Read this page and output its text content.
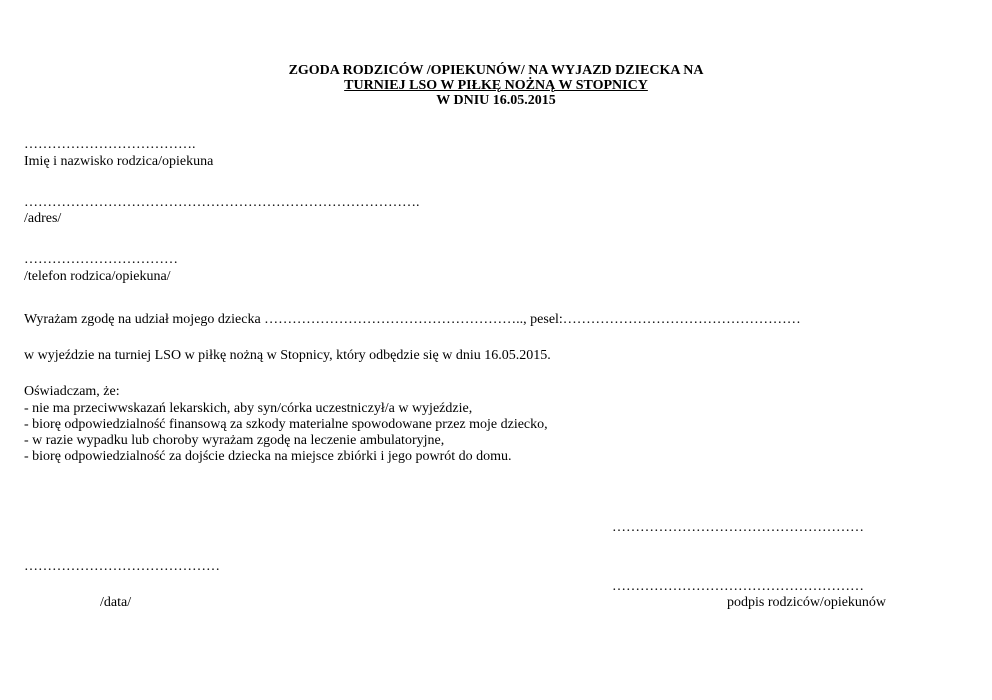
ZGODA RODZICÓW /OPIEKUNÓW/ NA WYJAZD DZIECKA NA
TURNIEJ LSO W PIŁKĘ NOŻNĄ W STOPNICY
W DNIU 16.05.2015
……………………………….
Imię i nazwisko rodzica/opiekuna
………………………………………………………………………….
/adres/
……………………………
/telefon rodzica/opiekuna/
Wyrażam zgodę na udział mojego dziecka ……………………………………………….., pesel:……………………………………………
w wyjeździe na turniej LSO w piłkę nożną w Stopnicy, który odbędzie się w dniu 16.05.2015.
Oświadczam, że:
- nie ma przeciwwskazań lekarskich, aby syn/córka uczestniczył/a w wyjeździe,
- biorę odpowiedzialność finansową za szkody materialne spowodowane przez moje dziecko,
- w razie wypadku lub choroby wyrażam zgodę na leczenie ambulatoryjne,
- biorę odpowiedzialność za dojście dziecka na miejsce zbiórki i jego powrót do domu.
………………………………………………
……………………………………
………………………………………………
/data/	podpis rodziców/opiekunów
